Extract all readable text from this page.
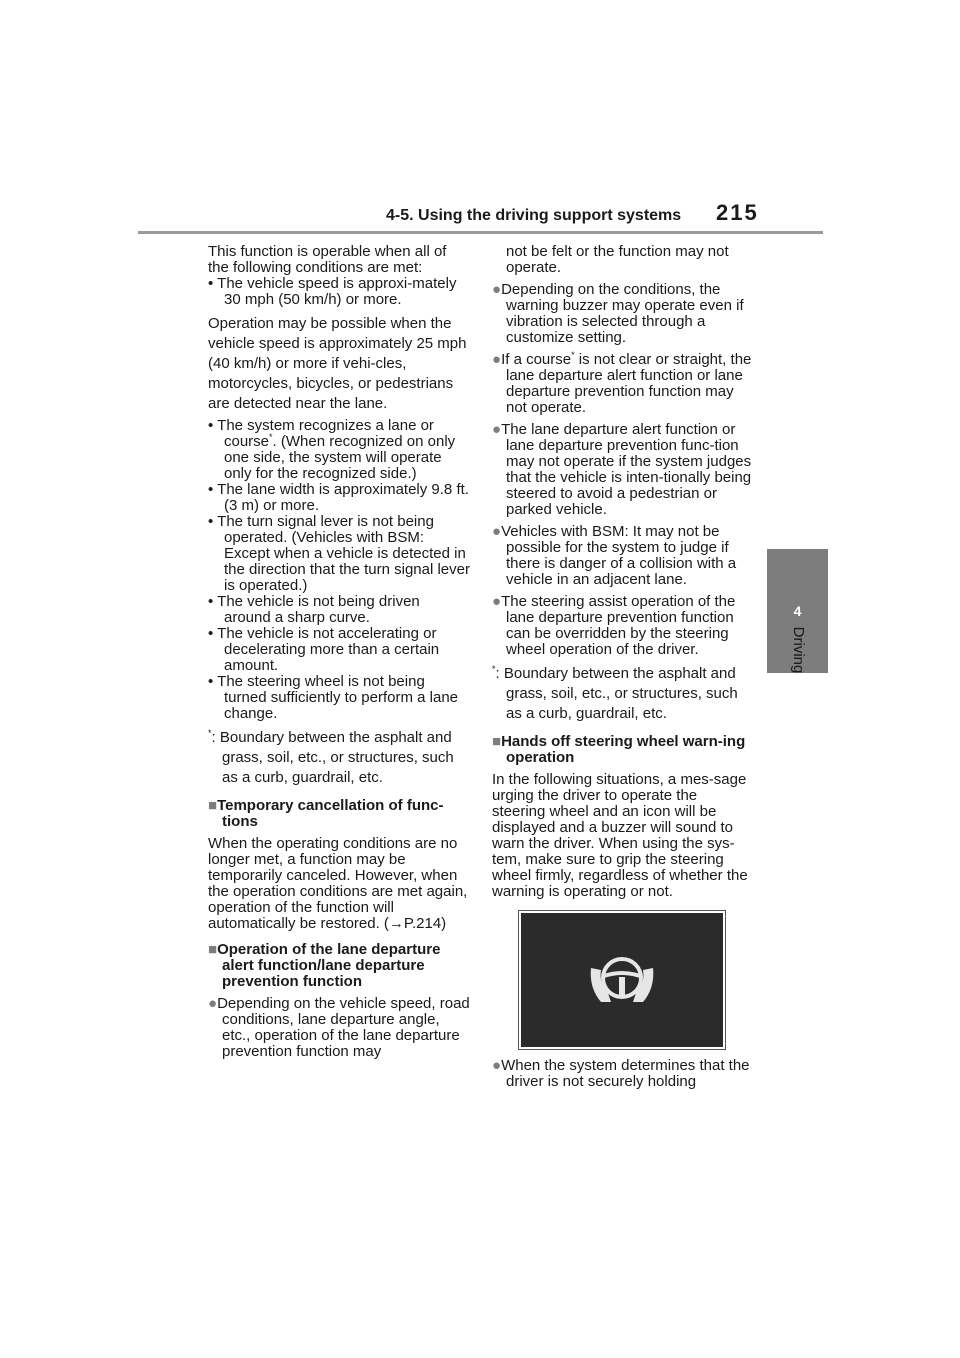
4-5. Using the driving support systems 215
4
Driving

This function is operable when all of the following conditions are met:

• The vehicle speed is approxi-mately 30 mph (50 km/h) or more.

Operation may be possible when the vehicle speed is approximately 25 mph (40 km/h) or more if vehi-cles, motorcycles, bicycles, or pedestrians are detected near the lane.

• The system recognizes a lane or course*. (When recognized on only one side, the system will operate only for the recognized side.)
• The lane width is approximately 9.8 ft. (3 m) or more.
• The turn signal lever is not being operated. (Vehicles with BSM: Except when a vehicle is detected in the direction that the turn signal lever is operated.)
• The vehicle is not being driven around a sharp curve.
• The vehicle is not accelerating or decelerating more than a certain amount.
• The steering wheel is not being turned sufficiently to perform a lane change.

*: Boundary between the asphalt and grass, soil, etc., or structures, such as a curb, guardrail, etc.

■Temporary cancellation of func-tions

When the operating conditions are no longer met, a function may be temporarily canceled. However, when the operation conditions are met again, operation of the function will automatically be restored. (→P.214)

■Operation of the lane departure alert function/lane departure prevention function

●Depending on the vehicle speed, road conditions, lane departure angle, etc., operation of the lane departure prevention function may

not be felt or the function may not operate.

●Depending on the conditions, the warning buzzer may operate even if vibration is selected through a customize setting.

●If a course* is not clear or straight, the lane departure alert function or lane departure prevention function may not operate.

●The lane departure alert function or lane departure prevention func-tion may not operate if the system judges that the vehicle is inten-tionally being steered to avoid a pedestrian or parked vehicle.

●Vehicles with BSM: It may not be possible for the system to judge if there is danger of a collision with a vehicle in an adjacent lane.

●The steering assist operation of the lane departure prevention function can be overridden by the steering wheel operation of the driver.

*: Boundary between the asphalt and grass, soil, etc., or structures, such as a curb, guardrail, etc.

■Hands off steering wheel warn-ing operation

In the following situations, a mes-sage urging the driver to operate the steering wheel and an icon will be displayed and a buzzer will sound to warn the driver. When using the sys-tem, make sure to grip the steering wheel firmly, regardless of whether the warning is operating or not.

●When the system determines that the driver is not securely holding
